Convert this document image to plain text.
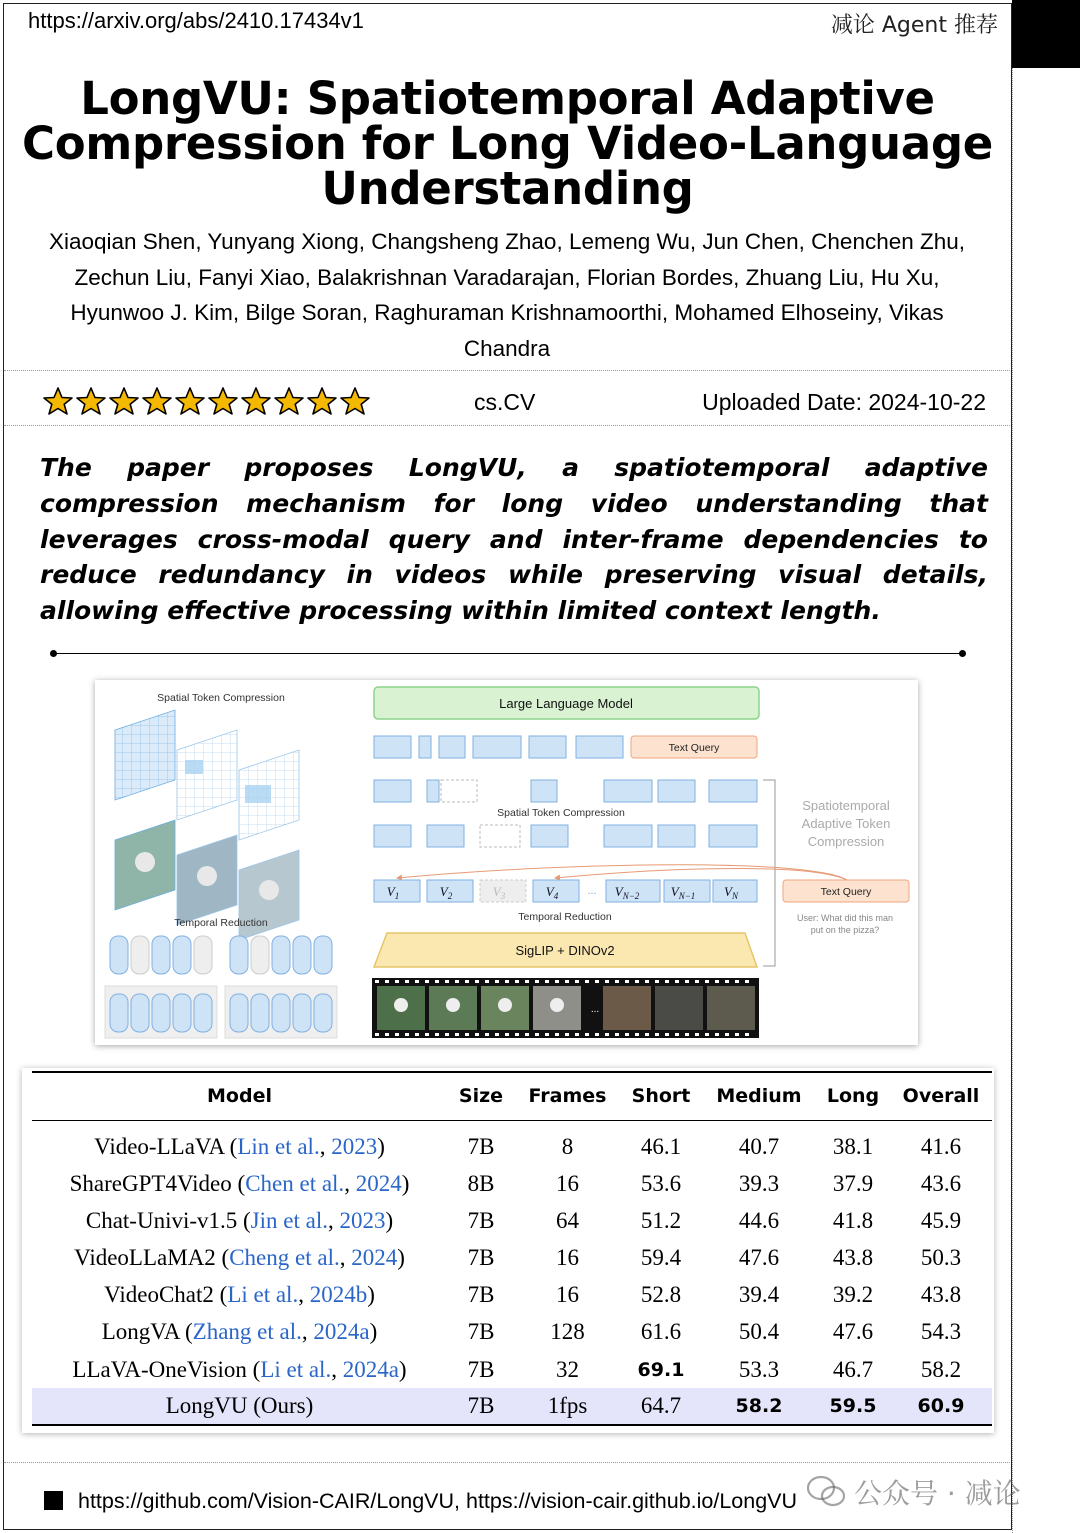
https://arxiv.org/abs/2410.17434v1	减论 Agent 推荐
LongVU: Spatiotemporal Adaptive
Compression for Long Video-Language
Understanding
Xiaoqian Shen, Yunyang Xiong, Changsheng Zhao, Lemeng Wu, Jun Chen, Chenchen Zhu,
Zechun Liu, Fanyi Xiao, Balakrishnan Varadarajan, Florian Bordes, Zhuang Liu, Hu Xu,
Hyunwoo J. Kim, Bilge Soran, Raghuraman Krishnamoorthi, Mohamed Elhoseiny, Vikas
Chandra
cs.CV	Uploaded Date: 2024-10-22
The paper proposes LongVU, a spatiotemporal adaptive compression mechanism for long video understanding that leverages cross-modal query and inter-frame dependencies to reduce redundancy in videos while preserving visual details, allowing effective processing within limited context length.
Spatial Token Compression
Temporal Reduction
Large Language Model
Text Query
Spatial Token Compression	Spatiotemporal
Adaptive Token
Compression
$V_1$	$V_2$	$V_3$	$V_4$ ... $V_{N-2}$ $V_{N-1}$ $V_N$	Text Query
User: What did this man
put on the pizza?
Temporal Reduction
SigLIP + DINOv2
...
Model	Size	Frames	Short	Medium	Long	Overall
Video-LLaVA (Lin et al., 2023)	7B	8	46.1	40.7	38.1	41.6
ShareGPT4Video (Chen et al., 2024)	8B	16	53.6	39.3	37.9	43.6
Chat-Univi-v1.5 (Jin et al., 2023)	7B	64	51.2	44.6	41.8	45.9
VideoLLaMA2 (Cheng et al., 2024)	7B	16	59.4	47.6	43.8	50.3
VideoChat2 (Li et al., 2024b)	7B	16	52.8	39.4	39.2	43.8
LongVA (Zhang et al., 2024a)	7B	128	61.6	50.4	47.6	54.3
LLaVA-OneVision (Li et al., 2024a)	7B	32	69.1	53.3	46.7	58.2
LongVU (Ours)	7B	1fps	64.7	58.2	59.5	60.9
https://github.com/Vision-CAIR/LongVU, https://vision-cair.github.io/LongVU 公众号 · 减论
